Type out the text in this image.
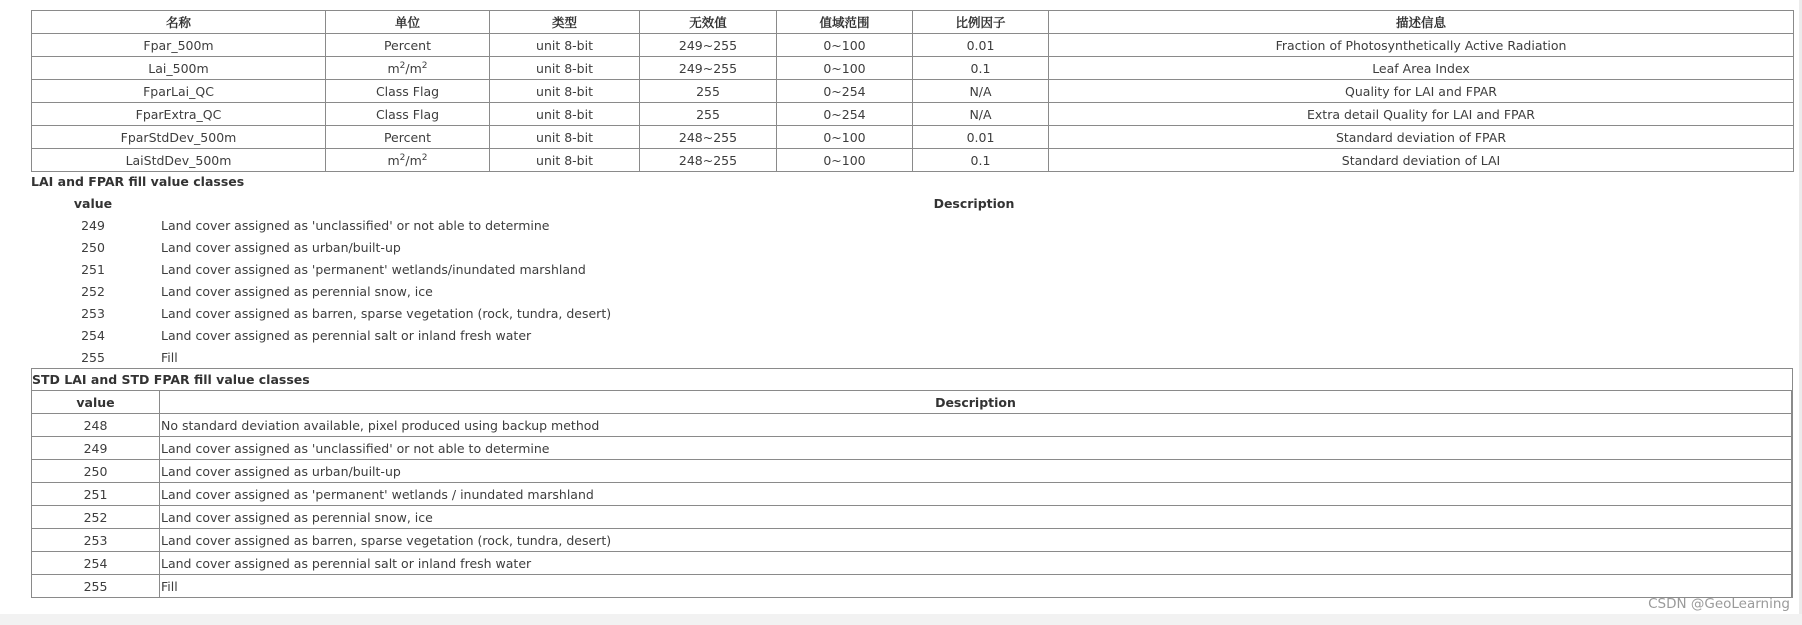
名称	单位	类型	无效值	值域范围	比例因子	描述信息
Fpar_500m	Percent	unit 8-bit	249~255	0~100	0.01	Fraction of Photosynthetically Active Radiation
Lai_500m	$m^2/m^2$	unit 8-bit	249~255	0~100	0.1	Leaf Area Index
FparLai_QC	Class Flag	unit 8-bit	255	0~254	N/A	Quality for LAI and FPAR
FparExtra_QC	Class Flag	unit 8-bit	255	0~254	N/A	Extra detail Quality for LAI and FPAR
FparStdDev_500m	Percent	unit 8-bit	248~255	0~100	0.01	Standard deviation of FPAR
LaiStdDev_500m	$m^2/m^2$	unit 8-bit	248~255	0~100	0.1	Standard deviation of LAI
LAI and FPAR fill value classes
value	Description
249	Land cover assigned as 'unclassified' or not able to determine
250	Land cover assigned as urban/built-up
251	Land cover assigned as 'permanent' wetlands/inundated marshland
252	Land cover assigned as perennial snow, ice
253	Land cover assigned as barren, sparse vegetation (rock, tundra, desert)
254	Land cover assigned as perennial salt or inland fresh water
255	Fill
STD LAI and STD FPAR fill value classes
value	Description
248	No standard deviation available, pixel produced using backup method
249	Land cover assigned as 'unclassified' or not able to determine
250	Land cover assigned as urban/built-up
251	Land cover assigned as 'permanent' wetlands / inundated marshland
252	Land cover assigned as perennial snow, ice
253	Land cover assigned as barren, sparse vegetation (rock, tundra, desert)
254	Land cover assigned as perennial salt or inland fresh water
255	Fill
CSDN @GeoLearning
